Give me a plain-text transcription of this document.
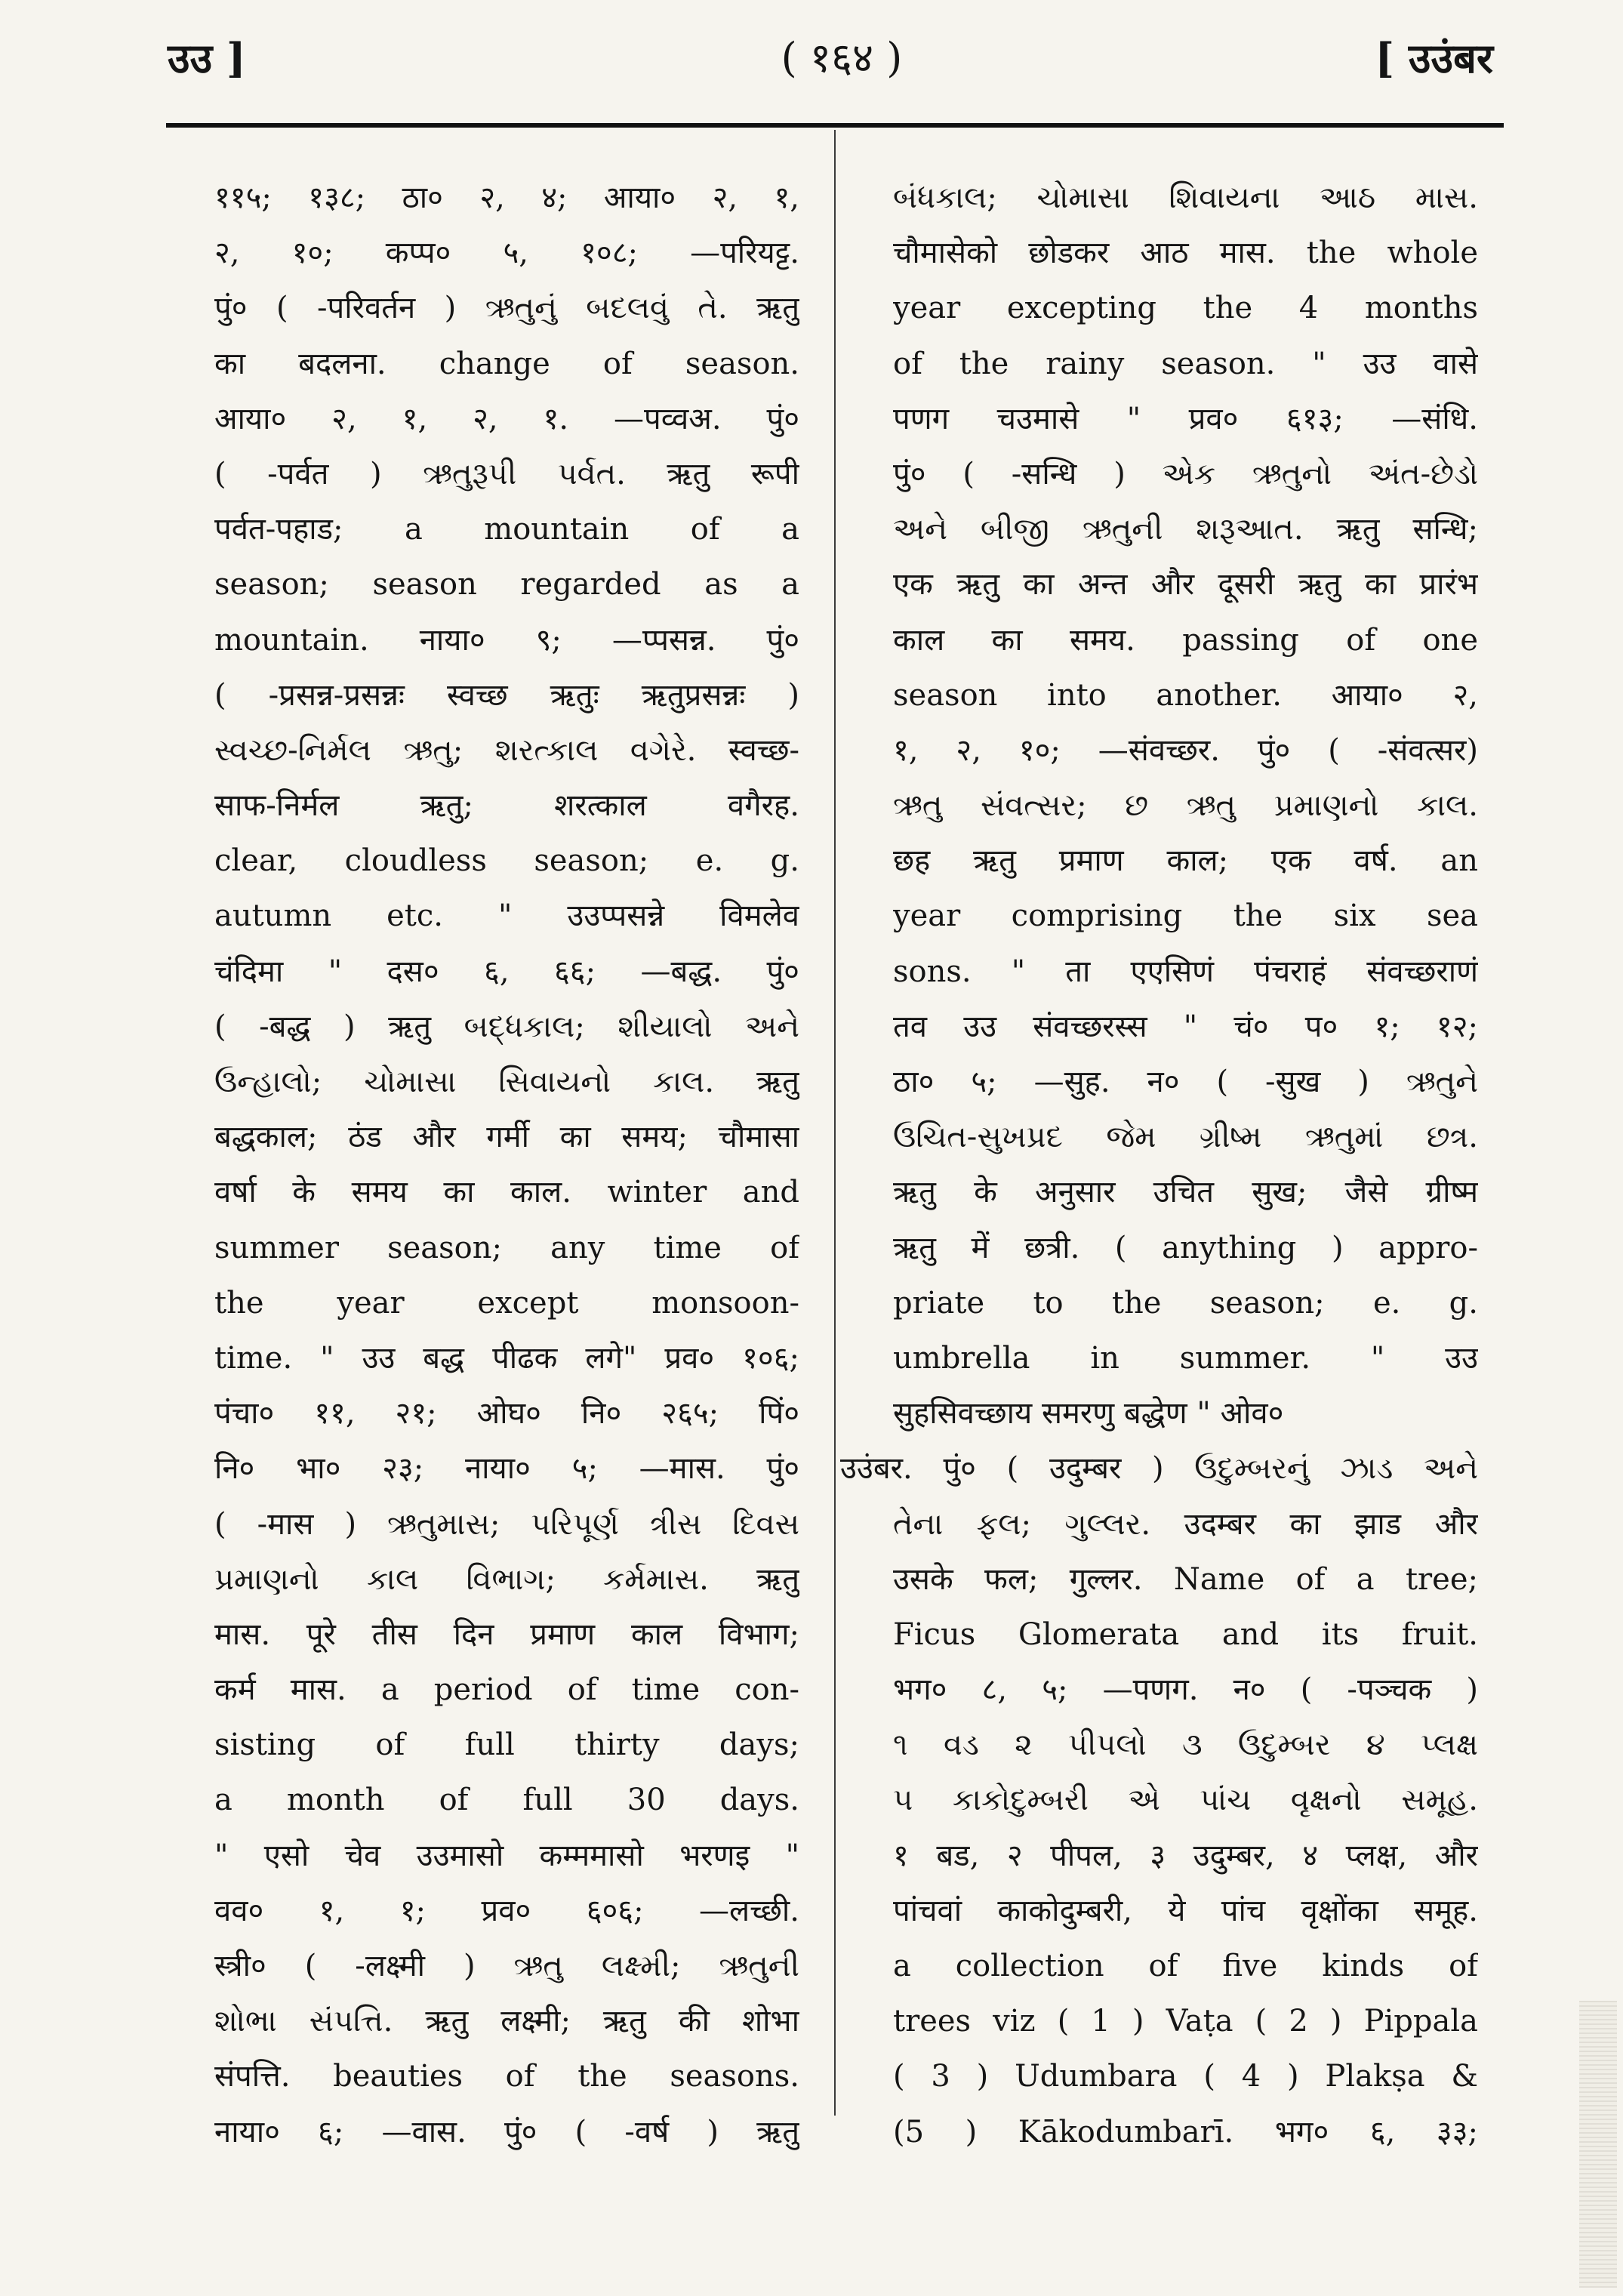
उउ ]	( १६४ )	[ उउंबर
११५; १३८; ठा० २, ४; आया० २, १,
२, १०; कप्प० ५, १०८; —परियट्ट.
पुं० ( -परिवर्तन ) ઋતુનું બદલવું તે. ऋतु
का बदलना. change of season.
आया० २, १, २, १. —पव्वअ. पुं०
( -पर्वत ) ઋતુરૂપી પર્વત. ऋतु रूपी
पर्वत-पहाड; a mountain of a
season; season regarded as a
mountain. नाया० ९; —प्पसन्न. पुं०
( -प्रसन्न-प्रसन्नः स्वच्छ ऋतुः ऋतुप्रसन्नः )
સ્વચ્છ-નિર્મલ ઋતુ; શરત્કાલ વગેરે. स्वच्छ-
साफ-निर्मल ऋतु; शरत्काल वगैरह.
clear, cloudless season; e. g.
autumn etc. " उउप्पसन्ने विमलेव
चंदिमा " दस० ६, ६६; —बद्ध. पुं०
( -बद्ध ) ऋतु બદ્ધકાલ; શીયાલો અને
ઉન્હાલો; ચોમાસા સિવાયનો કાલ. ऋतु
बद्धकाल; ठंड और गर्मी का समय; चौमासा
वर्षा के समय का काल. winter and
summer season; any time of
the year except monsoon-
time. " उउ बद्ध पीढक लगे" प्रव० १०६;
पंचा० ११, २१; ओघ० नि० २६५; पिं०
नि० भा० २३; नाया० ५; —मास. पुं०
( -मास ) ઋતુમાસ; પરિપૂર્ણ ત્રીસ દિવસ
પ્રમાણનો કાલ વિભાગ; કર્મમાસ. ऋतु
मास. पूरे तीस दिन प्रमाण काल विभाग;
कर्म मास. a period of time con-
sisting of full thirty days;
a month of full 30 days.
" एसो चेव उउमासो कम्ममासो भरणइ "
वव० १, १; प्रव० ६०६; —लच्छी.
स्त्री० ( -लक्ष्मी ) ઋતુ લક્ષ્મી; ઋતુની
શોભા સંપત્તિ. ऋतु लक्ष्मी; ऋतु की शोभा
संपत्ति. beauties of the seasons.
नाया० ६; —वास. पुं० ( -वर्ष ) ऋतु
બંધકાલ; ચોમાસા શિવાયના આઠ માસ.
चौमासेको छोडकर आठ मास. the whole
year excepting the 4 months
of the rainy season. " उउ वासे
पणग चउमासे " प्रव० ६१३; —संधि.
पुं० ( -सन्धि ) એક ઋતુનો અંત-છેડો
અને બીજી ઋતુની શરૂઆત. ऋतु सन्धि;
एक ऋतु का अन्त और दूसरी ऋतु का प्रारंभ
काल का समय. passing of one
season into another. आया० २,
१, २, १०; —संवच्छर. पुं० ( -संवत्सर)
ઋતુ સંવત્સર; છ ઋતુ પ્રમાણનો કાલ.
छह ऋतु प्रमाण काल; एक वर्ष. an
year comprising the six sea
sons. " ता एएसिणं पंचराहं संवच्छराणं
तव उउ संवच्छरस्स " चं० प० १; १२;
ठा० ५; —सुह. न० ( -सुख ) ઋતુને
ઉચિત-સુખપ્રદ જેમ ગ્રીષ્મ ઋતુમાં છત્ર.
ऋतु के अनुसार उचित सुख; जैसे ग्रीष्म
ऋतु में छत्री. ( anything ) appro-
priate to the season; e. g.
umbrella in summer. " उउ
सुहसिवच्छाय समरणु बद्धेण " ओव०
उउंबर. पुं० ( उदुम्बर ) ઉદુમ્બરનું ઝાડ અને
તેના ફલ; ગુલ્લર. उदम्बर का झाड और
उसके फल; गुल्लर. Name of a tree;
Ficus Glomerata and its fruit.
भग० ८, ५; —पणग. न० ( -पञ्चक )
૧ વડ ૨ પીપલો ૩ ઉદુમ્બર ૪ પ્લક્ષ
૫ કાકોદુમ્બરી એ પાંચ વૃક્ષનો સમૂહ.
१ बड, २ पीपल, ३ उदुम्बर, ४ प्लक्ष, और
पांचवां काकोदुम्बरी, ये पांच वृक्षोंका समूह.
a collection of five kinds of
trees viz ( 1 ) Vaṭa ( 2 ) Pippala
( 3 ) Udumbara ( 4 ) Plakṣa &
(5 ) Kākodumbarī. भग० ६, ३३;
